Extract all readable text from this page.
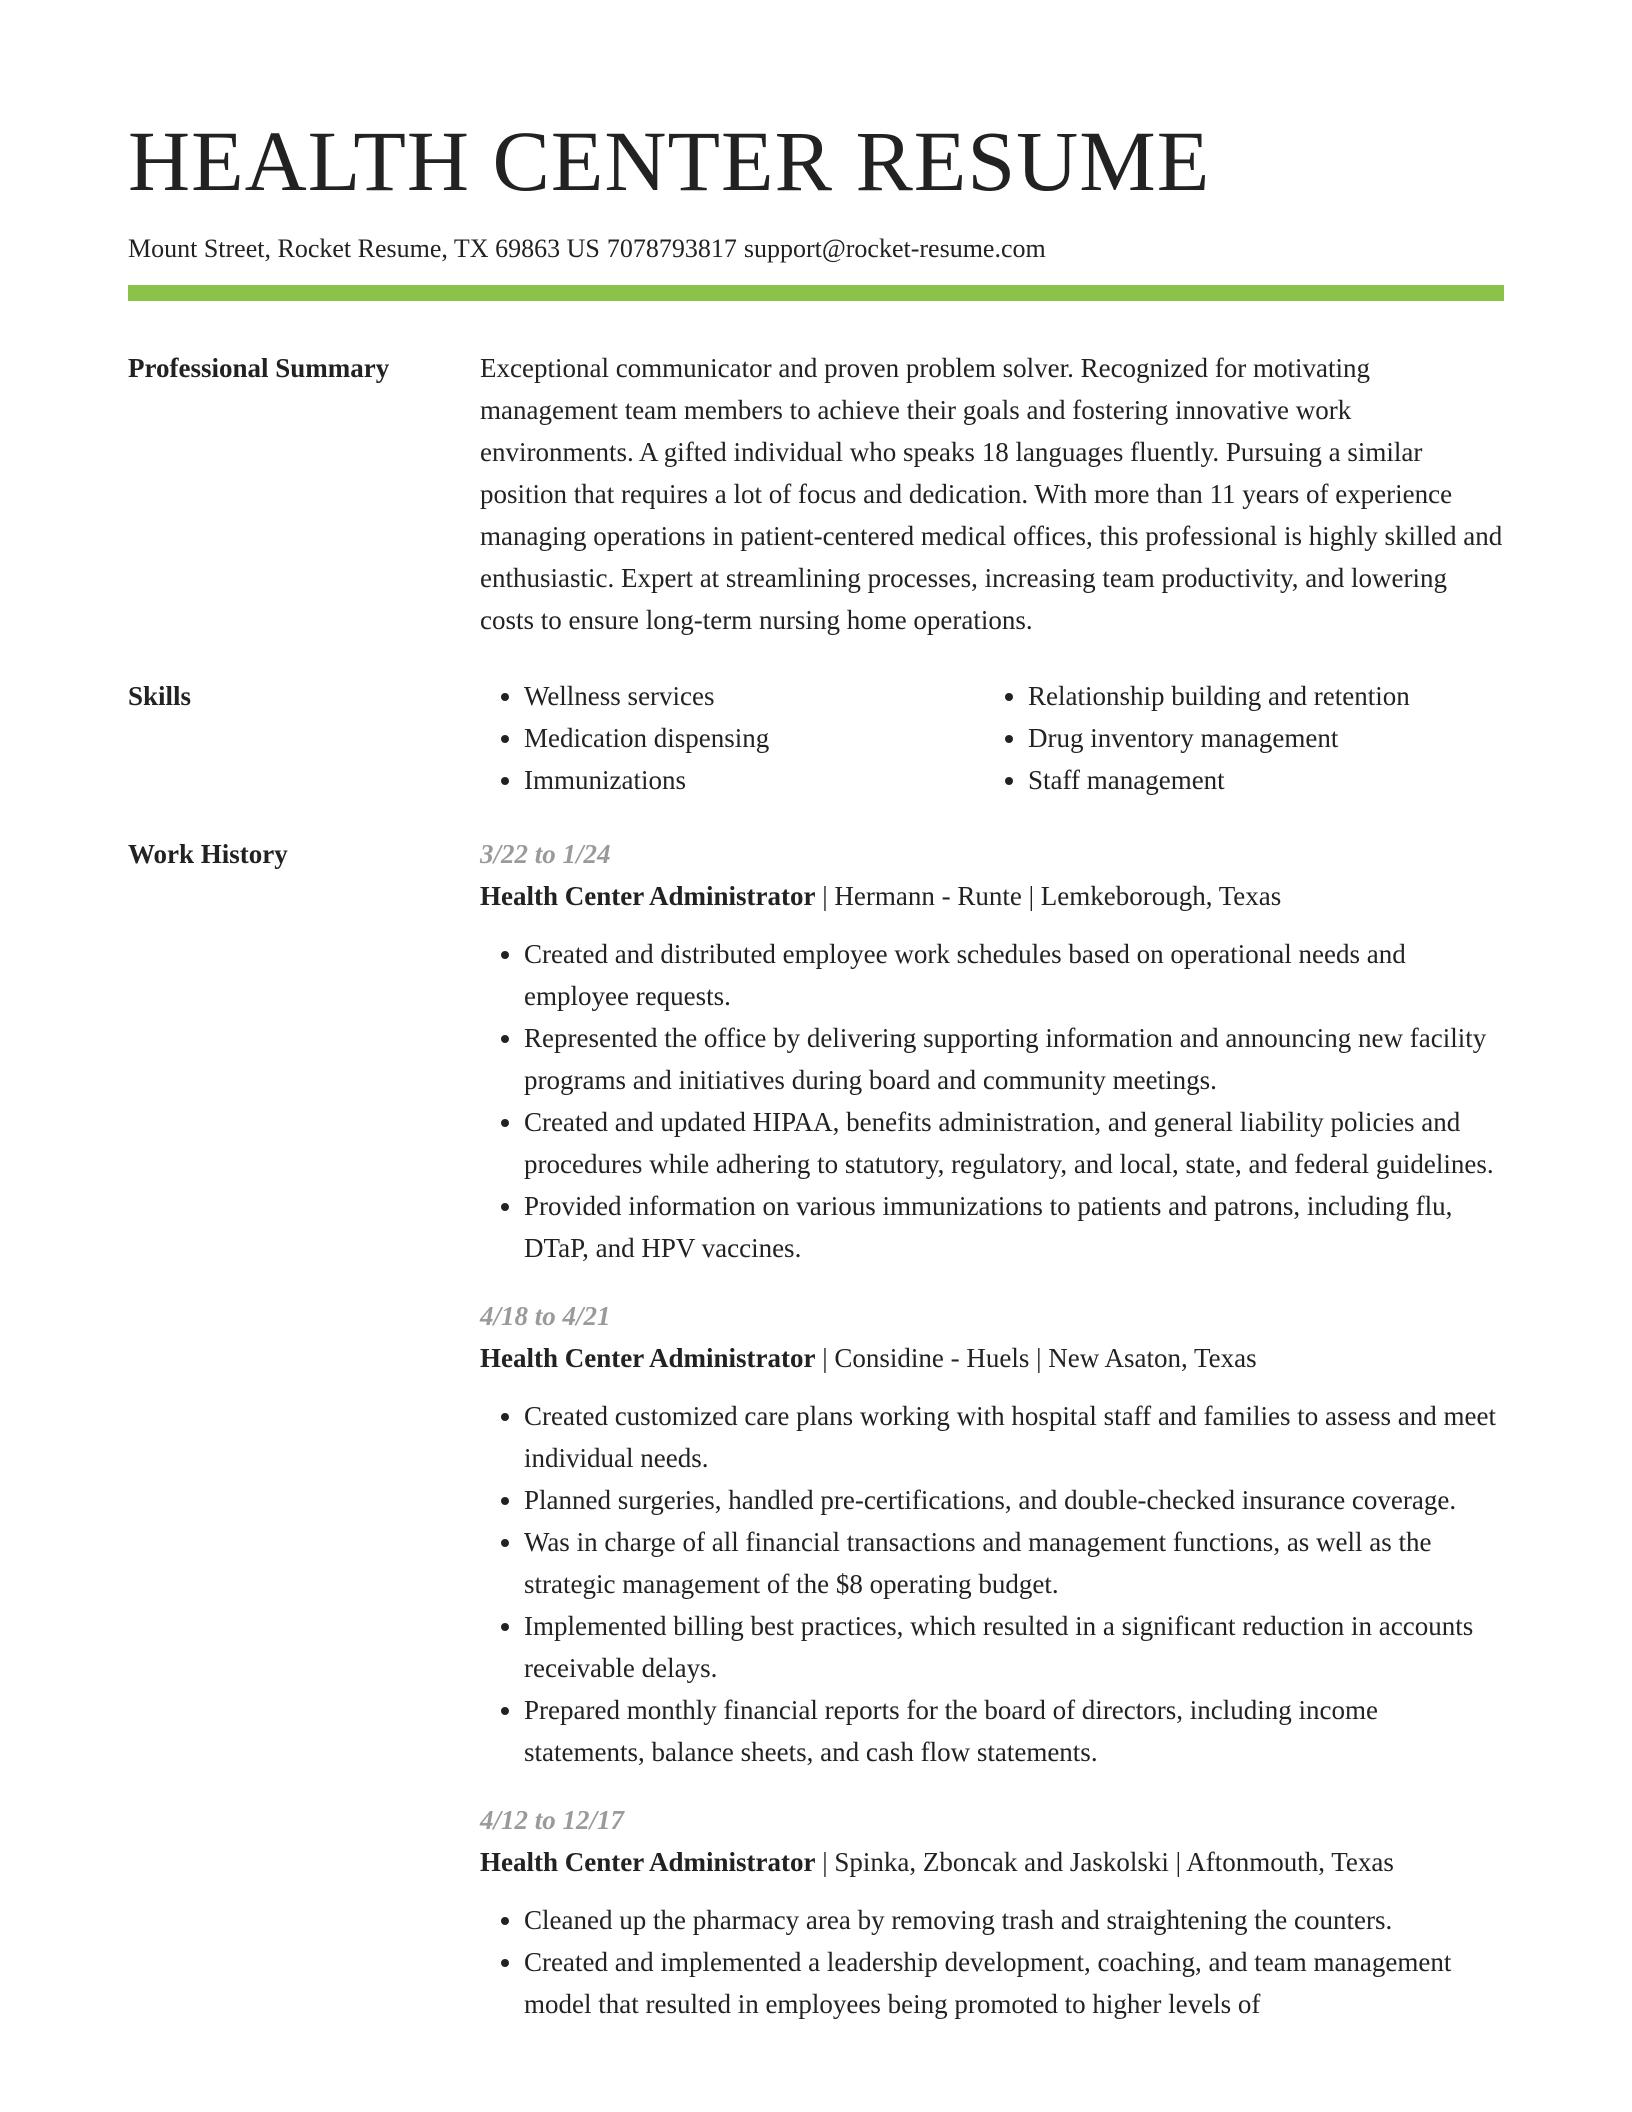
HEALTH CENTER RESUME
Mount Street, Rocket Resume, TX 69863 US 7078793817 support@rocket-resume.com
Professional Summary	Exceptional communicator and proven problem solver. Recognized for motivating management team members to achieve their goals and fostering innovative work environments. A gifted individual who speaks 18 languages fluently. Pursuing a similar position that requires a lot of focus and dedication. With more than 11 years of experience managing operations in patient-centered medical offices, this professional is highly skilled and enthusiastic. Expert at streamlining processes, increasing team productivity, and lowering costs to ensure long-term nursing home operations.

Skills
•	Wellness services
• Medication dispensing
• Immunizations
• Relationship building and retention
• Drug inventory management
• Staff management
Work History	3/22 to 1/24

Health Center Administrator | Hermann - Runte | Lemkeborough, Texas

• Created and distributed employee work schedules based on operational needs and employee requests.
• Represented the office by delivering supporting information and announcing new facility programs and initiatives during board and community meetings.
• Created and updated HIPAA, benefits administration, and general liability policies and procedures while adhering to statutory, regulatory, and local, state, and federal guidelines.
• Provided information on various immunizations to patients and patrons, including flu, DTaP, and HPV vaccines.

4/18 to 4/21

Health Center Administrator | Considine - Huels | New Asaton, Texas

• Created customized care plans working with hospital staff and families to assess and meet individual needs.
• Planned surgeries, handled pre-certifications, and double-checked insurance coverage.
• Was in charge of all financial transactions and management functions, as well as the strategic management of the $8 operating budget.
• Implemented billing best practices, which resulted in a significant reduction in accounts receivable delays.
• Prepared monthly financial reports for the board of directors, including income statements, balance sheets, and cash flow statements.

4/12 to 12/17

Health Center Administrator | Spinka, Zboncak and Jaskolski | Aftonmouth, Texas

• Cleaned up the pharmacy area by removing trash and straightening the counters.
• Created and implemented a leadership development, coaching, and team management model that resulted in employees being promoted to higher levels of
